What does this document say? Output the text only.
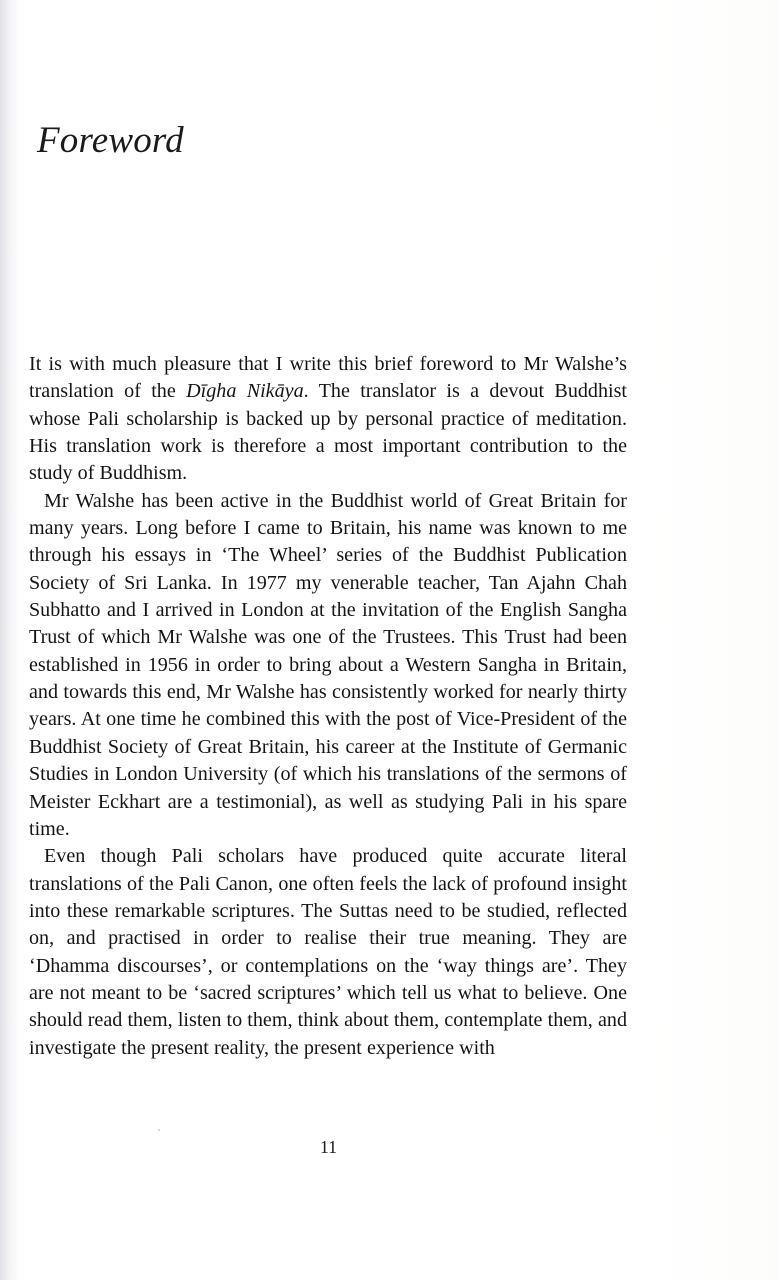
Foreword

It is with much pleasure that I write this brief foreword to Mr Walshe’s translation of the Dīgha Nikāya. The translator is a devout Buddhist whose Pali scholarship is backed up by personal practice of meditation. His translation work is therefore a most important contribution to the study of Buddhism.

Mr Walshe has been active in the Buddhist world of Great Britain for many years. Long before I came to Britain, his name was known to me through his essays in ‘The Wheel’ series of the Buddhist Publication Society of Sri Lanka. In 1977 my venerable teacher, Tan Ajahn Chah Subhatto and I arrived in London at the invitation of the English Sangha Trust of which Mr Walshe was one of the Trustees. This Trust had been established in 1956 in order to bring about a Western Sangha in Britain, and towards this end, Mr Walshe has consistently worked for nearly thirty years. At one time he combined this with the post of Vice-President of the Buddhist Society of Great Britain, his career at the Institute of Germanic Studies in London University (of which his translations of the sermons of Meister Eckhart are a testimonial), as well as studying Pali in his spare time.

Even though Pali scholars have produced quite accurate literal translations of the Pali Canon, one often feels the lack of profound insight into these remarkable scriptures. The Suttas need to be studied, reflected on, and practised in order to realise their true meaning. They are ‘Dhamma discourses’, or contemplations on the ‘way things are’. They are not meant to be ‘sacred scriptures’ which tell us what to believe. One should read them, listen to them, think about them, contemplate them, and investigate the present reality, the present experience with

11
